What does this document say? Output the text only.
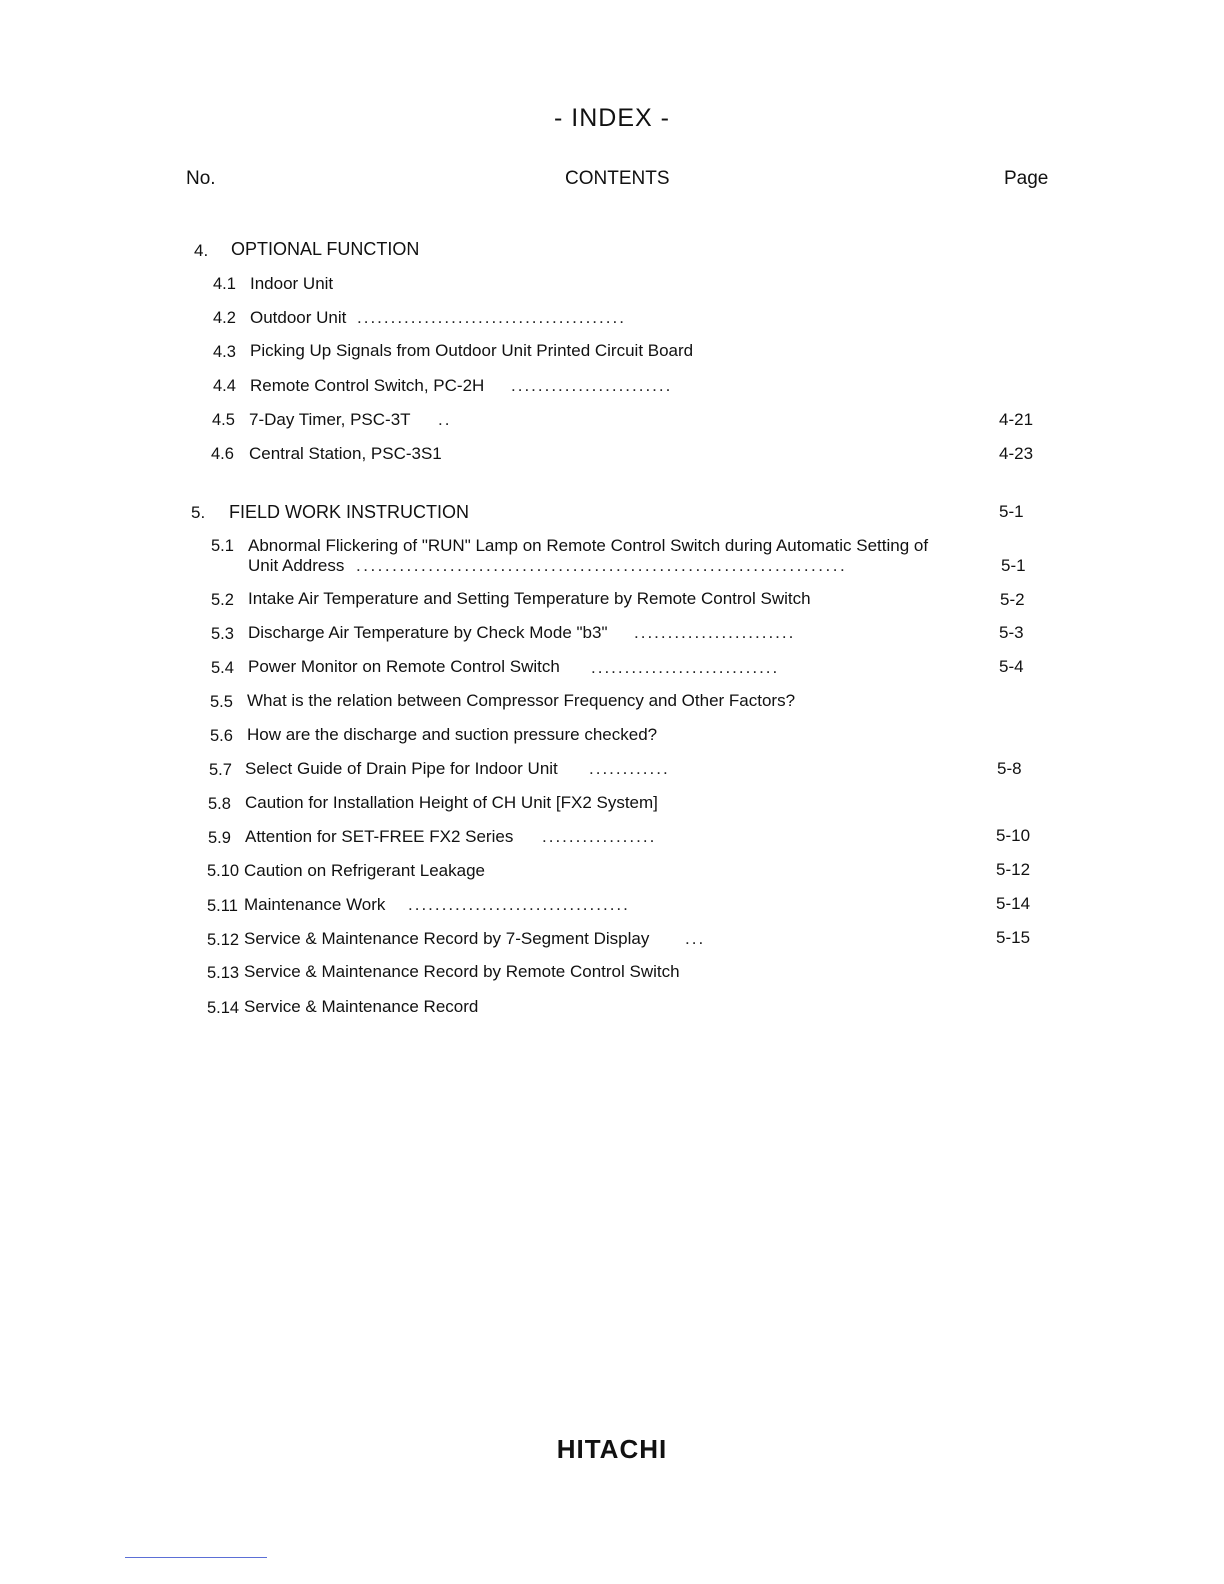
- INDEX -
No.	CONTENTS	Page
4. OPTIONAL FUNCTION
4.1 Indoor Unit
4.2 Outdoor Unit ........................................
4.3 Picking Up Signals from Outdoor Unit Printed Circuit Board
4.4 Remote Control Switch, PC-2H ........................
4.5 7-Day Timer, PSC-3T ..	4-21
4.6 Central Station, PSC-3S1	4-23
5. FIELD WORK INSTRUCTION	5-1
5.1 Abnormal Flickering of "RUN" Lamp on Remote Control Switch during Automatic Setting of
Unit Address ....................................................................	5-1
5.2 Intake Air Temperature and Setting Temperature by Remote Control Switch	5-2
5.3 Discharge Air Temperature by Check Mode "b3" ........................	5-3
5.4 Power Monitor on Remote Control Switch ............................	5-4
5.5 What is the relation between Compressor Frequency and Other Factors?
5.6 How are the discharge and suction pressure checked?
5.7 Select Guide of Drain Pipe for Indoor Unit ............	5-8
5.8 Caution for Installation Height of CH Unit [FX2 System]
5.9 Attention for SET-FREE FX2 Series .................	5-10
5.10 Caution on Refrigerant Leakage	5-12
5.11 Maintenance Work .................................	5-14
5.12 Service & Maintenance Record by 7-Segment Display ...	5-15
5.13 Service & Maintenance Record by Remote Control Switch
5.14 Service & Maintenance Record
HITACHI
